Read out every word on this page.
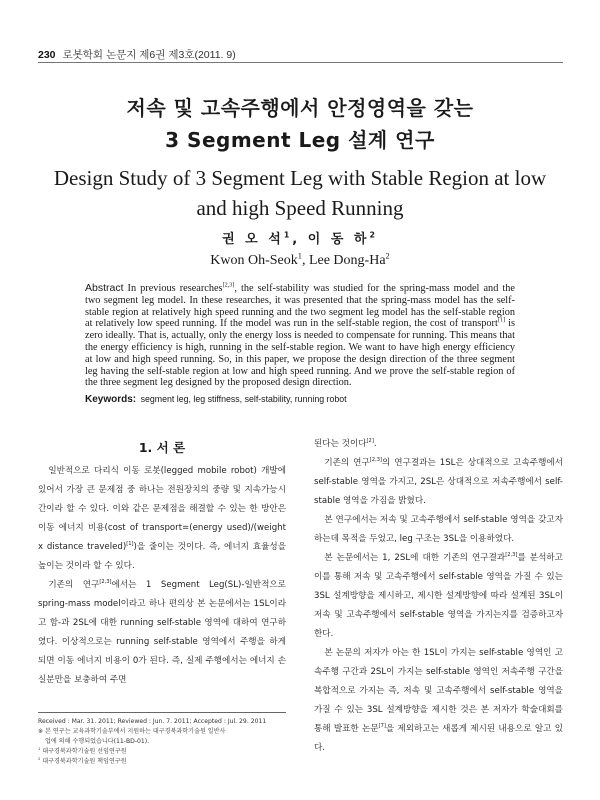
230 로봇학회 논문지 제6권 제3호(2011. 9)
저속 및 고속주행에서 안정영역을 갖는
3 Segment Leg 설계 연구
Design Study of 3 Segment Leg with Stable Region at low
and high Speed Running
권 오 석$^1$, 이 동 하$^2$
Kwon Oh-Seok$^1$, Lee Dong-Ha$^2$
Abstract In previous researches[2,3], the self-stability was studied for the spring-mass model and the two segment leg model. In these researches, it was presented that the spring-mass model has the self-stable region at relatively high speed running and the two segment leg model has the self-stable region at relatively low speed running. If the model was run in the self-stable region, the cost of transport[1] is zero ideally. That is, actually, only the energy loss is needed to compensate for running. This means that the energy efficiency is high, running in the self-stable region. We want to have high energy efficiency at low and high speed running. So, in this paper, we propose the design direction of the three segment leg having the self-stable region at low and high speed running. And we prove the self-stable region of the three segment leg designed by the proposed design direction.
Keywords: segment leg, leg stiffness, self-stability, running robot
1. 서 론

일반적으로 다리식 이동 로봇(legged mobile robot) 개발에 있어서 가장 큰 문제점 중 하나는 전원장치의 중량 및 지속가능시간이라 할 수 있다. 이와 같은 문제점을 해결할 수 있는 한 방안은 이동 에너지 비용(cost of transport=(energy used)/(weight x distance traveled)[1])을 줄이는 것이다. 즉, 에너지 효율성을 높이는 것이라 할 수 있다.

기존의 연구[2,3]에서는 1 Segment Leg(SL)-일반적으로 spring-mass model이라고 하나 편의상 본 논문에서는 1SL이라고 함-과 2SL에 대한 running self-stable 영역에 대하여 연구하였다. 이상적으로는 running self-stable 영역에서 주행을 하게 되면 이동 에너지 비용이 0가 된다. 즉, 실제 주행에서는 에너지 손실분만을 보충하여 주면

된다는 것이다[2].

기존의 연구[2,3]의 연구결과는 1SL은 상대적으로 고속주행에서 self-stable 영역을 가지고, 2SL은 상대적으로 저속주행에서 self-stable 영역을 가짐을 밝혔다.

본 연구에서는 저속 및 고속주행에서 self-stable 영역을 갖고자 하는데 목적을 두었고, leg 구조는 3SL을 이용하였다.

본 논문에서는 1, 2SL에 대한 기존의 연구결과[2,3]를 분석하고 이를 통해 저속 및 고속주행에서 self-stable 영역을 가질 수 있는 3SL 설계방향을 제시하고, 제시한 설계방향에 따라 설계된 3SL이 저속 및 고속주행에서 self-stable 영역을 가지는지를 검증하고자 한다.

본 논문의 저자가 아는 한 1SL이 가지는 self-stable 영역인 고속주행 구간과 2SL이 가지는 self-stable 영역인 저속주행 구간을 복합적으로 가지는 즉, 저속 및 고속주행에서 self-stable 영역을 가질 수 있는 3SL 설계방향을 제시한 것은 본 저자가 학술대회를 통해 발표한 논문[7]을 제외하고는 새롭게 제시된 내용으로 알고 있다.

Received : Mar. 31. 2011; Reviewed : Jun. 7. 2011; Accepted : Jul. 29. 2011
※ 본 연구는 교육과학기술부에서 지원하는 대구경북과학기술원 일반사
업에 의해 수행되었습니다(11-BD-01).
$^1$ 대구경북과학기술원 선임연구원
$^2$ 대구경북과학기술원 책임연구원
